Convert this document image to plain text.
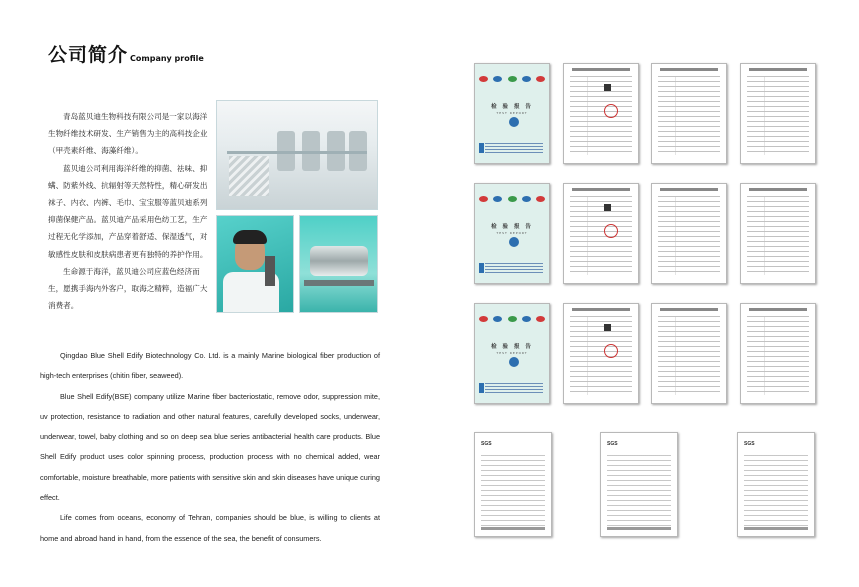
公司简介 Company profile

青岛蓝贝迪生物科技有限公司是一家以海洋生物纤维技术研发、生产销售为主的高科技企业（甲壳素纤维、海藻纤维）。

蓝贝迪公司利用海洋纤维的抑菌、祛味、抑螨、防紫外线、抗辐射等天然特性，精心研发出袜子、内衣、内裤、毛巾、宝宝服等蓝贝迪系列抑菌保健产品。蓝贝迪产品采用色纺工艺，生产过程无化学添加，产品穿着舒适、保湿透气，对敏感性皮肤和皮肤病患者更有独特的养护作用。

生命源于海洋，蓝贝迪公司应蓝色经济而生，愿携手海内外客户，取海之精粹，造福广大消费者。

Qingdao Blue Shell Edify Biotechnology Co. Ltd. is a mainly Marine biological fiber production of high-tech enterprises (chitin fiber, seaweed).

Blue Shell Edify(BSE) company utilize Marine fiber bacteriostatic, remove odor, suppression mite, uv protection, resistance to radiation and other natural features, carefully developed socks, underwear, underwear, towel, baby clothing and so on deep sea blue series antibacterial health care products. Blue Shell Edify product uses color spinning process, production process with no chemical added, wear comfortable, moisture breathable, more patients with sensitive skin and skin diseases have unique curing effect.

Life comes from oceans, economy of Tehran, companies should be blue, is willing to clients at home and abroad hand in hand, from the essence of the sea, the benefit of consumers.

检 验 报 告
TEST REPORT
检 验 报 告
TEST REPORT
检 验 报 告
TEST REPORT
SGS	SGS	SGS
